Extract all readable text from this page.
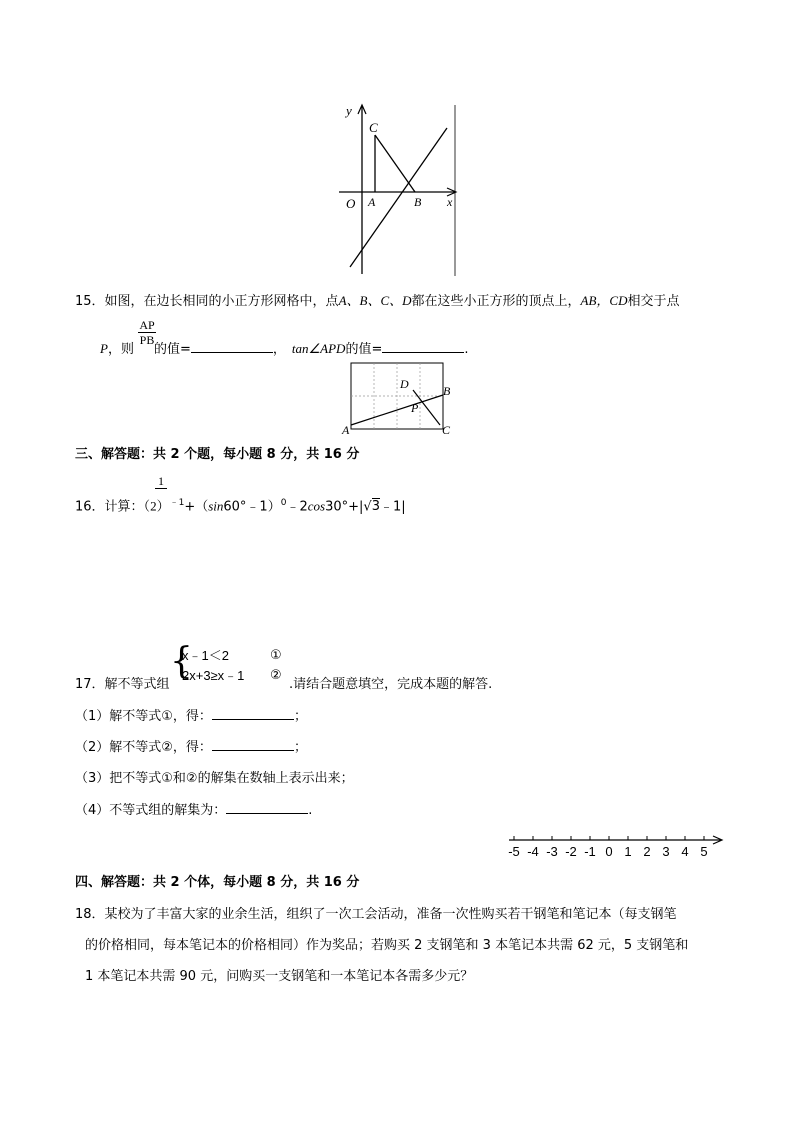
y
C
O A	B x
15．如图，在边长相同的小正方形网格中，点A、B、C、D都在这些小正方形的顶点上，AB，CD相交于点
AP
PB
P，则 的值=	， tan∠APD的值=	.
D	B
P
A	C
三、解答题：共 2 个题，每小题 8 分，共 16 分
1
16．计算：$(2)^{﹣1}+(\sin 60^\circ﹣1)^0﹣2\cos 30^\circ+|√3﹣1|$
{
x﹣1＜2	①
2x+3≥x﹣1 ②
17．解不等式组	.请结合题意填空，完成本题的解答.
（1）解不等式①，得：	；
（2）解不等式②，得：	；
（3）把不等式①和②的解集在数轴上表示出来；
（4）不等式组的解集为：	.
-5 -4 -3 -2 -1 0 1 2 3 4 5
四、解答题：共 2 个体，每小题 8 分，共 16 分
18．某校为了丰富大家的业余生活，组织了一次工会活动，准备一次性购买若干钢笔和笔记本（每支钢笔
的价格相同，每本笔记本的价格相同）作为奖品；若购买 2 支钢笔和 3 本笔记本共需 62 元，5 支钢笔和
1 本笔记本共需 90 元，问购买一支钢笔和一本笔记本各需多少元？
